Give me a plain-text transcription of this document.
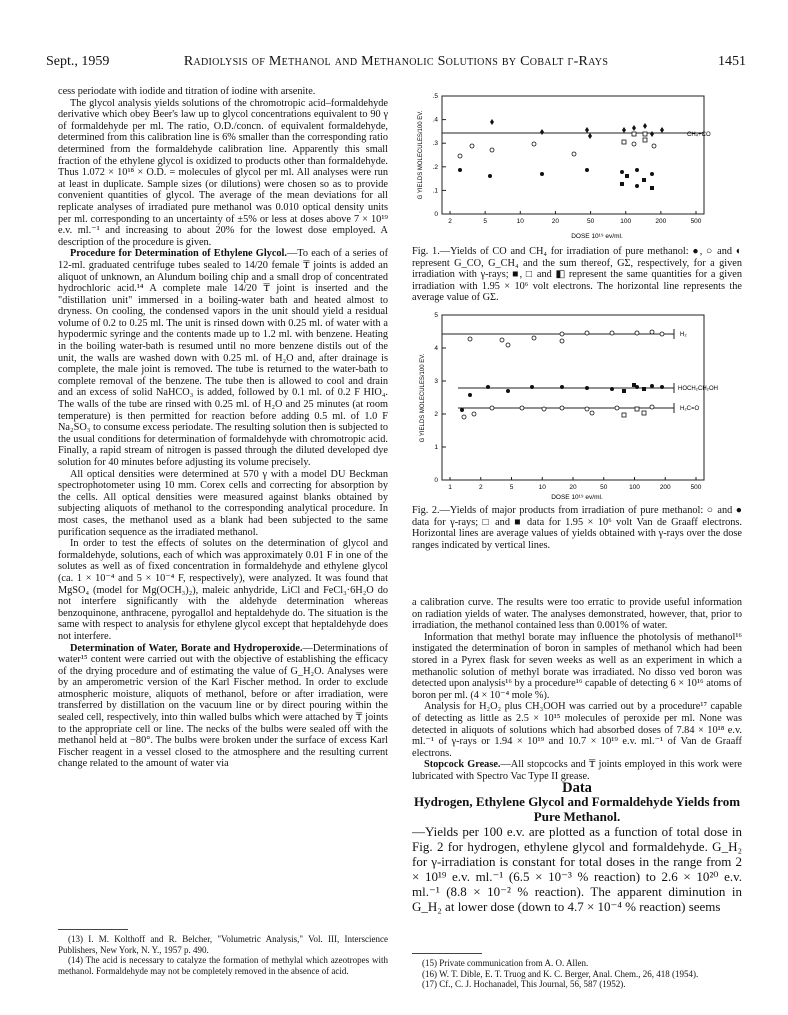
Sept., 1959	Radiolysis of Methanol and Methanolic Solutions by Cobalt γ-Rays	1451

cess periodate with iodide and titration of iodine with arsenite.

The glycol analysis yields solutions of the chromotropic acid–formaldehyde derivative which obey Beer's law up to glycol concentrations equivalent to 90 γ of formaldehyde per ml. The ratio, O.D./concn. of equivalent formaldehyde, determined from this calibration line is 6% smaller than the corresponding ratio determined from the formaldehyde calibration line. Apparently this small fraction of the ethylene glycol is oxidized to products other than formaldehyde. Thus 1.072 × 10¹⁸ × O.D. = molecules of glycol per ml. All analyses were run at least in duplicate. Sample sizes (or dilutions) were chosen so as to provide convenient quantities of glycol. The average of the mean deviations for all replicate analyses of irradiated pure methanol was 0.010 optical density units per ml. corresponding to an uncertainty of ±5% or less at doses above 7 × 10¹⁹ e.v. ml.⁻¹ and increasing to about 20% for the lowest dose employed. A description of the procedure is given.

Procedure for Determination of Ethylene Glycol.—To each of a series of 12-ml. graduated centrifuge tubes sealed to 14/20 female ₸ joints is added an aliquot of unknown, an Alundum boiling chip and a small drop of concentrated hydrochloric acid.¹⁴ A complete male 14/20 ₸ joint is inserted and the "distillation unit" immersed in a boiling-water bath and heated almost to dryness. On cooling, the condensed vapors in the unit should yield a residual volume of 0.2 to 0.25 ml. The unit is rinsed down with 0.25 ml. of water with a hypodermic syringe and the contents made up to 1.2 ml. with benzene. Heating in the boiling water-bath is resumed until no more benzene distils out of the unit, the walls are washed down with 0.25 ml. of H₂O and, after drainage is complete, the male joint is removed. The tube is returned to the water-bath to complete removal of the benzene. The tube then is allowed to cool and drain and an excess of solid NaHCO₃ is added, followed by 0.1 ml. of 0.2 F HIO₄. The walls of the tube are rinsed with 0.25 ml. of H₂O and 25 minutes (at room temperature) is then permitted for reaction before adding 0.5 ml. of 1.0 F Na₂SO₃ to consume excess periodate. The resulting solution then is subjected to the usual conditions for determination of formaldehyde with chromotropic acid. Finally, a rapid stream of nitrogen is passed through the diluted developed dye solution for 40 minutes before adjusting its volume precisely.

All optical densities were determined at 570 γ with a model DU Beckman spectrophotometer using 10 mm. Corex cells and correcting for absorption by the cells. All optical densities were measured against blanks obtained by subjecting aliquots of methanol to the corresponding analytical procedure. In most cases, the methanol used as a blank had been subjected to the same purification sequence as the irradiated methanol.

In order to test the effects of solutes on the determination of glycol and formaldehyde, solutions, each of which was approximately 0.01 F in one of the solutes as well as of fixed concentration in formaldehyde and ethylene glycol (ca. 1 × 10⁻⁴ and 5 × 10⁻⁴ F, respectively), were analyzed. It was found that MgSO₄ (model for Mg(OCH₃)₂), maleic anhydride, LiCl and FeCl₃·6H₂O do not interfere significantly with the aldehyde determination whereas benzoquinone, anthracene, pyrogallol and heptaldehyde do. The situation is the same with respect to analysis for ethylene glycol except that heptaldehyde does not interfere.

Determination of Water, Borate and Hydroperoxide.—Determinations of water¹⁵ content were carried out with the objective of establishing the efficacy of the drying procedure and of estimating the value of G_H₂O. Analyses were by an amperometric version of the Karl Fischer method. In order to exclude atmospheric moisture, aliquots of methanol, before or after irradiation, were transferred by distillation on the vacuum line or by direct pouring within the sealed cell, respectively, into thin walled bulbs which were attached by ₸ joints to the appropriate cell or line. The necks of the bulbs were sealed off with the methanol held at −80°. The bulbs were broken under the surface of excess Karl Fischer reagent in a vessel closed to the atmosphere and the resulting current change related to the amount of water via

(13) I. M. Kolthoff and R. Belcher, "Volumetric Analysis," Vol. III, Interscience Publishers, New York, N. Y., 1957 p. 490.

(14) The acid is necessary to catalyze the formation of methylal which azeotropes with methanol. Formaldehyde may not be completely removed in the absence of acid.

G YIELDS MOLECULES/100 EV.
DOSE 10¹⁹ ev/ml.
0
.1
.2
.3
.4
.5
2	5	10	20	50	100	200	500
CH₄+CO
Fig. 1.—Yields of CO and CH₄ for irradiation of pure methanol: ●, ○ and ◐ represent G_CO, G_CH₄ and the sum thereof, GΣ, respectively, for a given irradiation with γ-rays; ■, □ and ◧ represent the same quantities for a given irradiation with 1.95 × 10⁶ volt electrons. The horizontal line represents the average value of GΣ.
G YIELDS MOLECULES/100 EV.
DOSE 10¹⁹ ev/ml.
0
1
2
3
4
5
1	2	5	10	20	50	100	200	500
H₂
HOCH₂CH₂OH
H₂C=O
Fig. 2.—Yields of major products from irradiation of pure methanol: ○ and ● data for γ-rays; □ and ■ data for 1.95 × 10⁶ volt Van de Graaff electrons. Horizontal lines are average values of yields obtained with γ-rays over the dose ranges indicated by vertical lines.

a calibration curve. The results were too erratic to provide useful information on radiation yields of water. The analyses demonstrated, however, that, prior to irradiation, the methanol contained less than 0.001% of water.

Information that methyl borate may influence the photolysis of methanol¹⁶ instigated the determination of boron in samples of methanol which had been stored in a Pyrex flask for seven weeks as well as an experiment in which a methanolic solution of methyl borate was irradiated. No disso ved boron was detected upon analysis¹⁶ by a procedure¹⁶ capable of detecting 6 × 10¹⁶ atoms of boron per ml. (4 × 10⁻⁴ mole %).

Analysis for H₂O₂ plus CH₃OOH was carried out by a procedure¹⁷ capable of detecting as little as 2.5 × 10¹⁵ molecules of peroxide per ml. None was detected in aliquots of solutions which had absorbed doses of 7.84 × 10¹⁸ e.v. ml.⁻¹ of γ-rays or 1.94 × 10¹⁹ and 10.7 × 10¹⁹ e.v. ml.⁻¹ of Van de Graaff electrons.

Stopcock Grease.—All stopcocks and ₸ joints employed in this work were lubricated with Spectro Vac Type II grease.

Data

Hydrogen, Ethylene Glycol and Formaldehyde Yields from Pure Methanol.

—Yields per 100 e.v. are plotted as a function of total dose in Fig. 2 for hydrogen, ethylene glycol and formaldehyde. G_H₂ for γ-irradiation is constant for total doses in the range from 2 × 10¹⁹ e.v. ml.⁻¹ (6.5 × 10⁻³ % reaction) to 2.6 × 10²⁰ e.v. ml.⁻¹ (8.8 × 10⁻² % reaction). The apparent diminution in G_H₂ at lower dose (down to 4.7 × 10⁻⁴ % reaction) seems

(15) Private communication from A. O. Allen.

(16) W. T. Dible, E. T. Truog and K. C. Berger, Anal. Chem., 26, 418 (1954).

(17) Cf., C. J. Hochanadel, This Journal, 56, 587 (1952).
